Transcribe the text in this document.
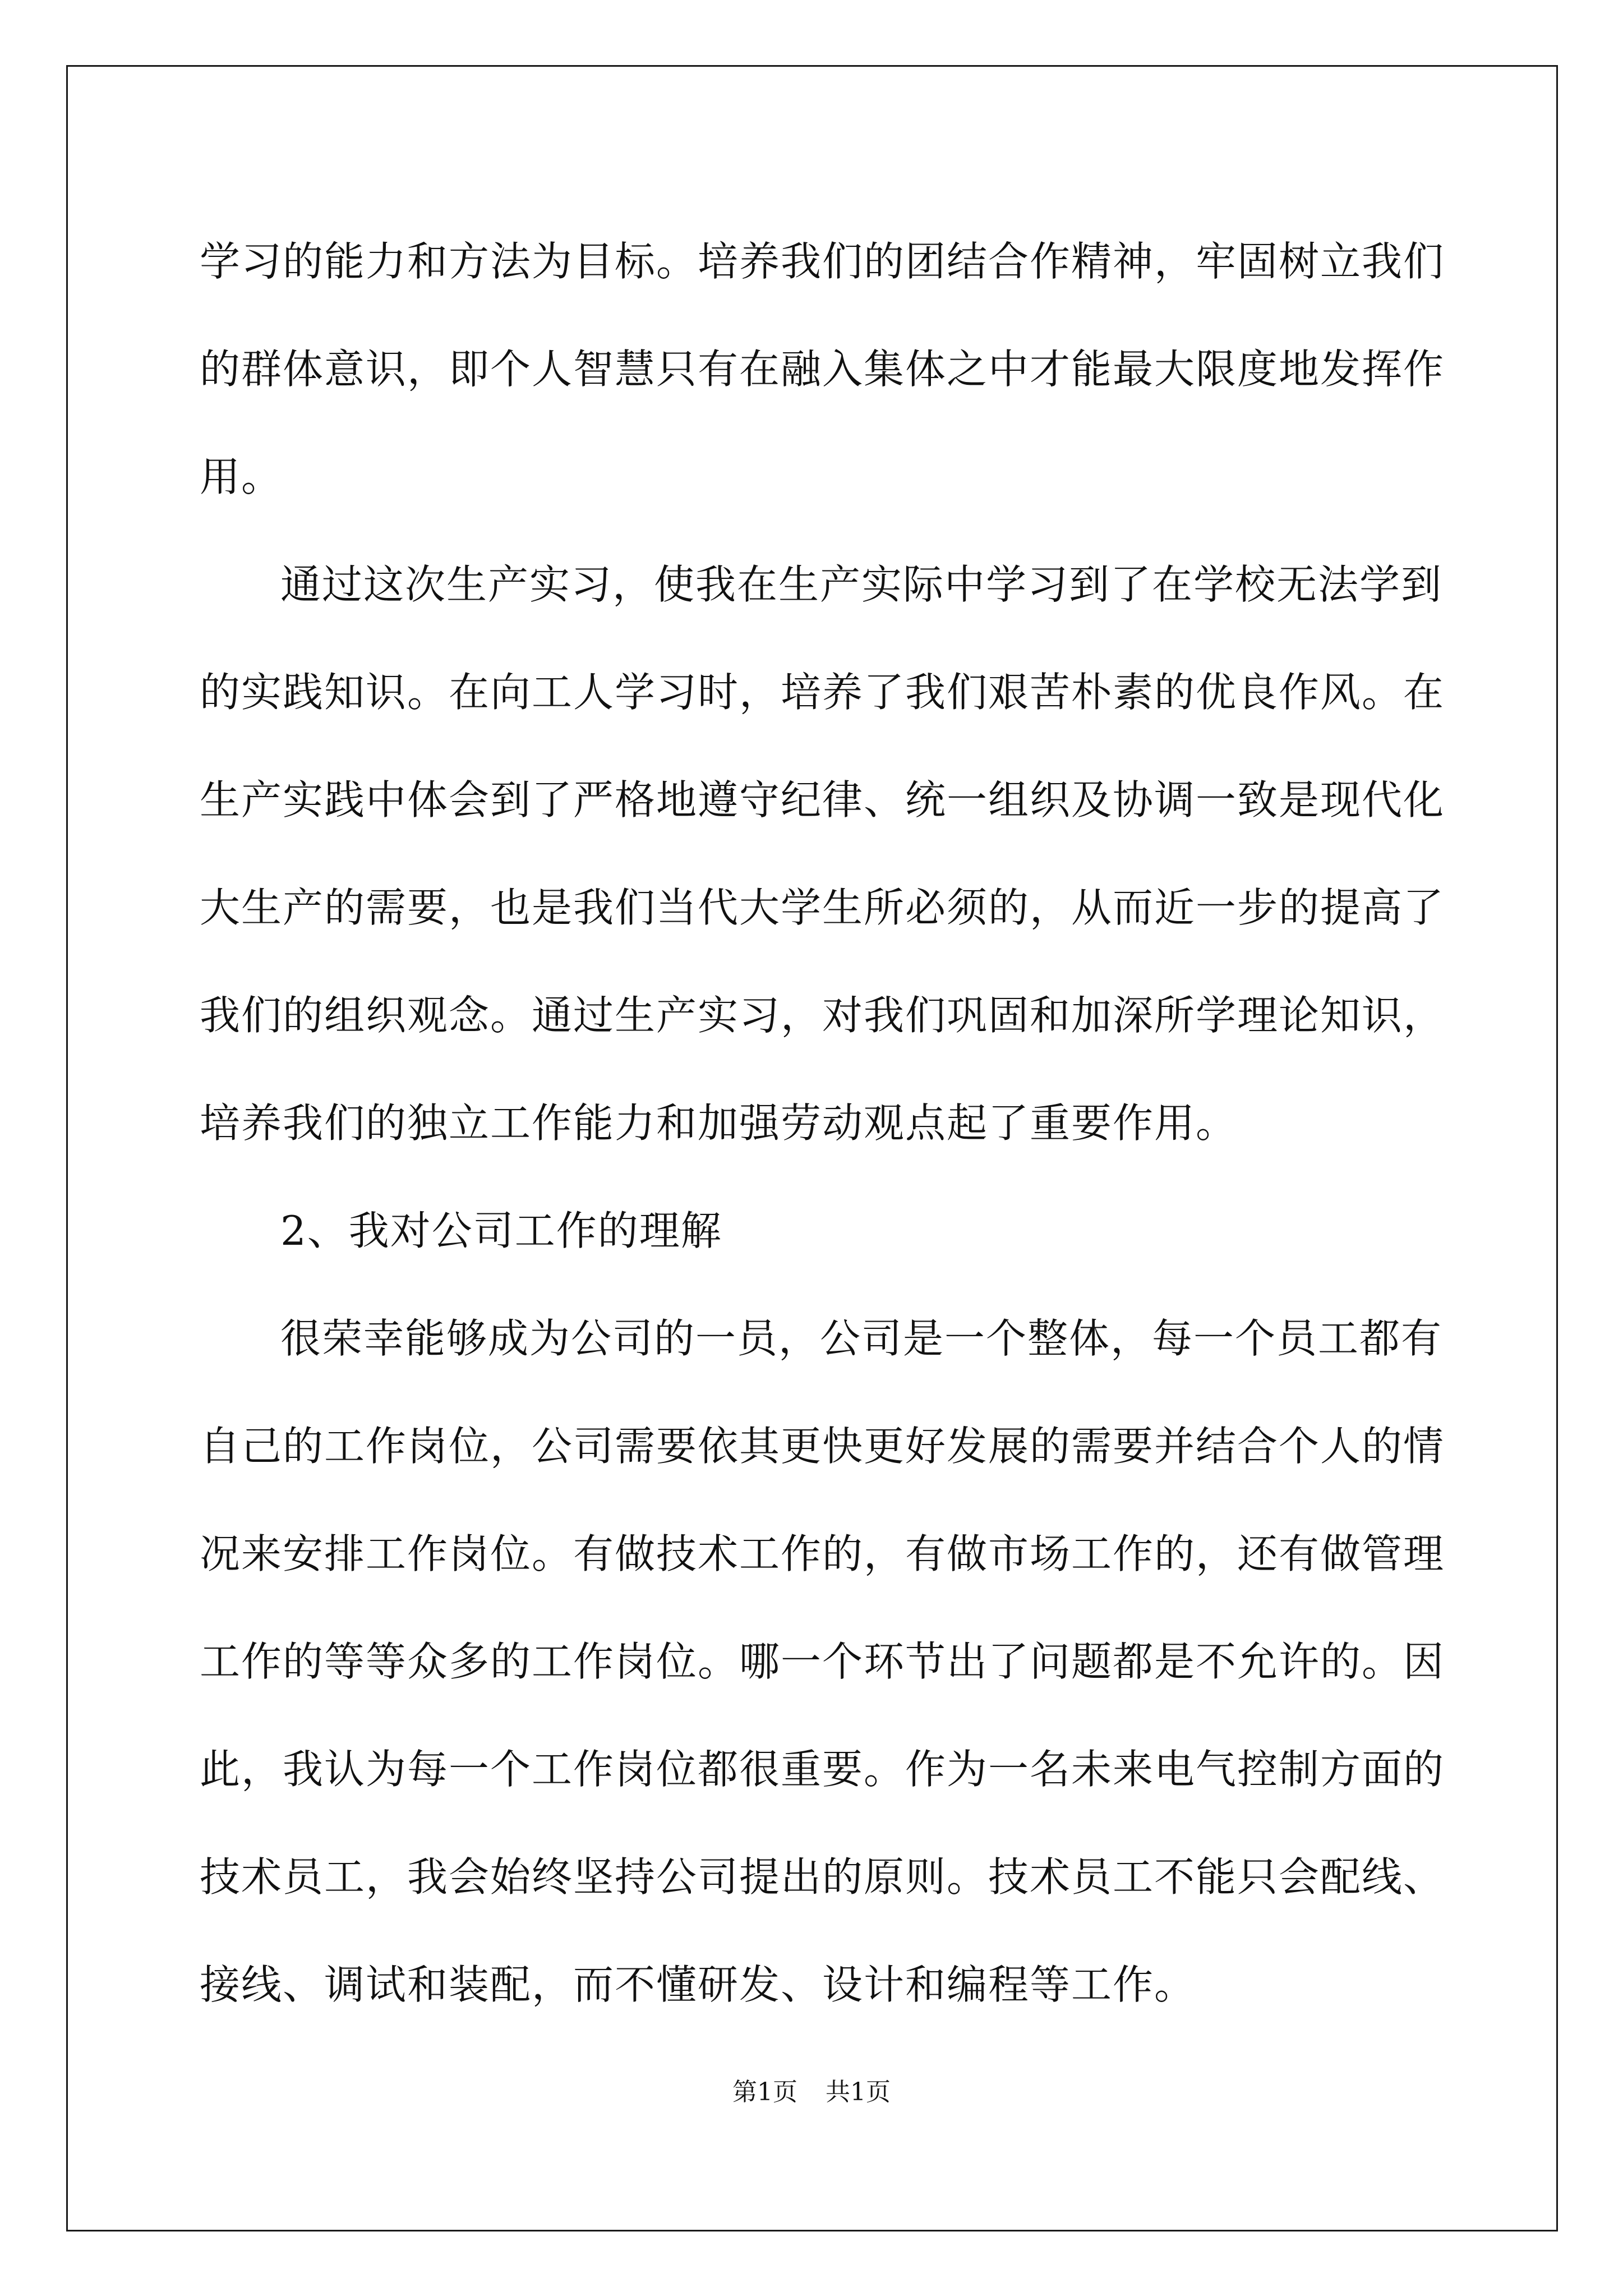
学习的能力和方法为目标。培养我们的团结合作精神，牢固树立我们
的群体意识，即个人智慧只有在融入集体之中才能最大限度地发挥作
用。
通过这次生产实习，使我在生产实际中学习到了在学校无法学到
的实践知识。在向工人学习时，培养了我们艰苦朴素的优良作风。在
生产实践中体会到了严格地遵守纪律、统一组织及协调一致是现代化
大生产的需要，也是我们当代大学生所必须的，从而近一步的提高了
我们的组织观念。通过生产实习，对我们巩固和加深所学理论知识，
培养我们的独立工作能力和加强劳动观点起了重要作用。
2、我对公司工作的理解
很荣幸能够成为公司的一员，公司是一个整体，每一个员工都有
自己的工作岗位，公司需要依其更快更好发展的需要并结合个人的情
况来安排工作岗位。有做技术工作的，有做市场工作的，还有做管理
工作的等等众多的工作岗位。哪一个环节出了问题都是不允许的。因
此，我认为每一个工作岗位都很重要。作为一名未来电气控制方面的
技术员工，我会始终坚持公司提出的原则。技术员工不能只会配线、
接线、调试和装配，而不懂研发、设计和编程等工作。
第1页 共1页
